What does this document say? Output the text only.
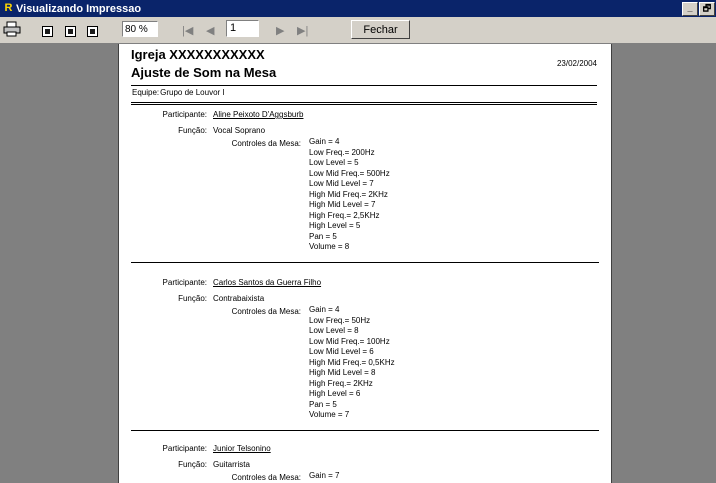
R Visualizando Impressao	_	🗗
80 %	|◀ ◀	1	▶ ▶|	Fechar
Igreja XXXXXXXXXXX
Ajuste de Som na Mesa
23/02/2004
Equipe:Grupo de Louvor I
Participante: Aline Peixoto D'Aggsburb
Função: Vocal Soprano
Controles da Mesa: Gain = 4
Low Freq.= 200Hz
Low Level = 5
Low Mid Freq.= 500Hz
Low Mid Level = 7
High Mid Freq.= 2KHz
High Mid Level = 7
High Freq.= 2,5KHz
High Level = 5
Pan = 5
Volume = 8
Participante: Carlos Santos da Guerra Filho
Função: Contrabaixista
Controles da Mesa: Gain = 4
Low Freq.= 50Hz
Low Level = 8
Low Mid Freq.= 100Hz
Low Mid Level = 6
High Mid Freq.= 0,5KHz
High Mid Level = 8
High Freq.= 2KHz
High Level = 6
Pan = 5
Volume = 7
Participante: Junior Telsonino
Função: Guitarrista
Controles da Mesa: Gain = 7
